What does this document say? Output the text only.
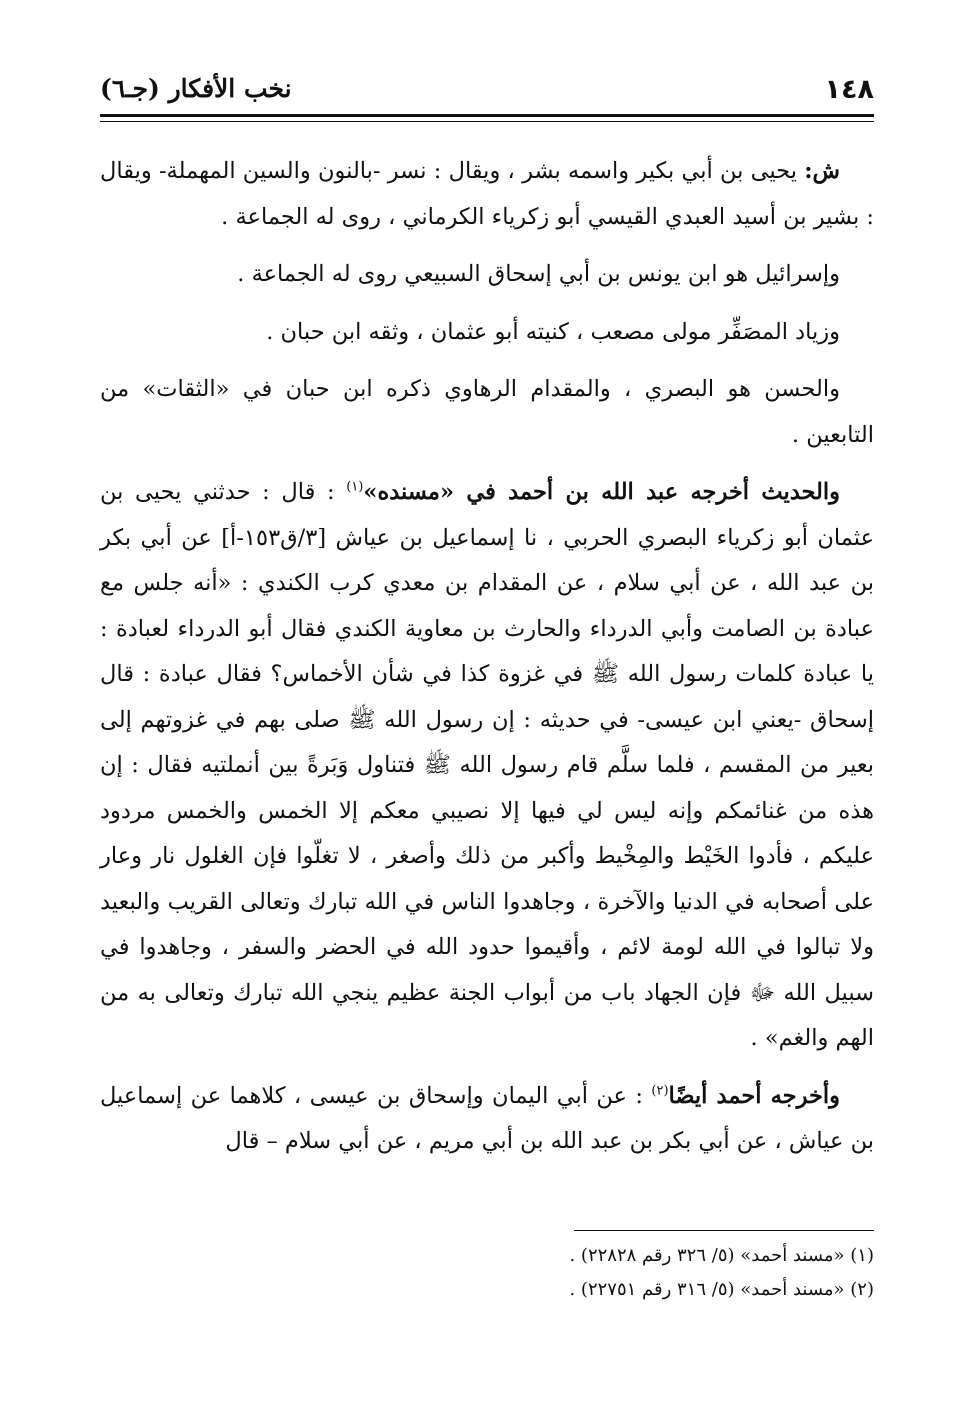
١٤٨
نخب الأفكار (جـ٦)

ش: يحيى بن أبي بكير واسمه بشر ، ويقال : نسر -بالنون والسين المهملة- ويقال : بشير بن أسيد العبدي القيسي أبو زكرياء الكرماني ، روى له الجماعة .

وإسرائيل هو ابن يونس بن أبي إسحاق السبيعي روى له الجماعة .

وزياد المصَفِّر مولى مصعب ، كنيته أبو عثمان ، وثقه ابن حبان .

والحسن هو البصري ، والمقدام الرهاوي ذكره ابن حبان في «الثقات» من التابعين .

والحديث أخرجه عبد الله بن أحمد في «مسنده»$^{(١)}$ : قال : حدثني يحيى بن عثمان أبو زكرياء البصري الحربي ، نا إسماعيل بن عياش [٣/ق١٥٣-أ] عن أبي بكر بن عبد الله ، عن أبي سلام ، عن المقدام بن معدي كرب الكندي : «أنه جلس مع عبادة بن الصامت وأبي الدرداء والحارث بن معاوية الكندي فقال أبو الدرداء لعبادة : يا عبادة كلمات رسول الله ﷺ في غزوة كذا في شأن الأخماس؟ فقال عبادة : قال إسحاق -يعني ابن عيسى- في حديثه : إن رسول الله ﷺ صلى بهم في غزوتهم إلى بعير من المقسم ، فلما سلَّم قام رسول الله ﷺ فتناول وَبَرةً بين أنملتيه فقال : إن هذه من غنائمكم وإنه ليس لي فيها إلا نصيبي معكم إلا الخمس والخمس مردود عليكم ، فأدوا الخَيْط والمِخْيط وأكبر من ذلك وأصغر ، لا تغلّوا فإن الغلول نار وعار على أصحابه في الدنيا والآخرة ، وجاهدوا الناس في الله تبارك وتعالى القريب والبعيد ولا تبالوا في الله لومة لائم ، وأقيموا حدود الله في الحضر والسفر ، وجاهدوا في سبيل الله ﷻ فإن الجهاد باب من أبواب الجنة عظيم ينجي الله تبارك وتعالى به من الهم والغم» .

وأخرجه أحمد أيضًا$^{(٢)}$ : عن أبي اليمان وإسحاق بن عيسى ، كلاهما عن إسماعيل بن عياش ، عن أبي بكر بن عبد الله بن أبي مريم ، عن أبي سلام – قال

(١) «مسند أحمد» (٥/ ٣٢٦ رقم ٢٢٨٢٨) .

(٢) «مسند أحمد» (٥/ ٣١٦ رقم ٢٢٧٥١) .
